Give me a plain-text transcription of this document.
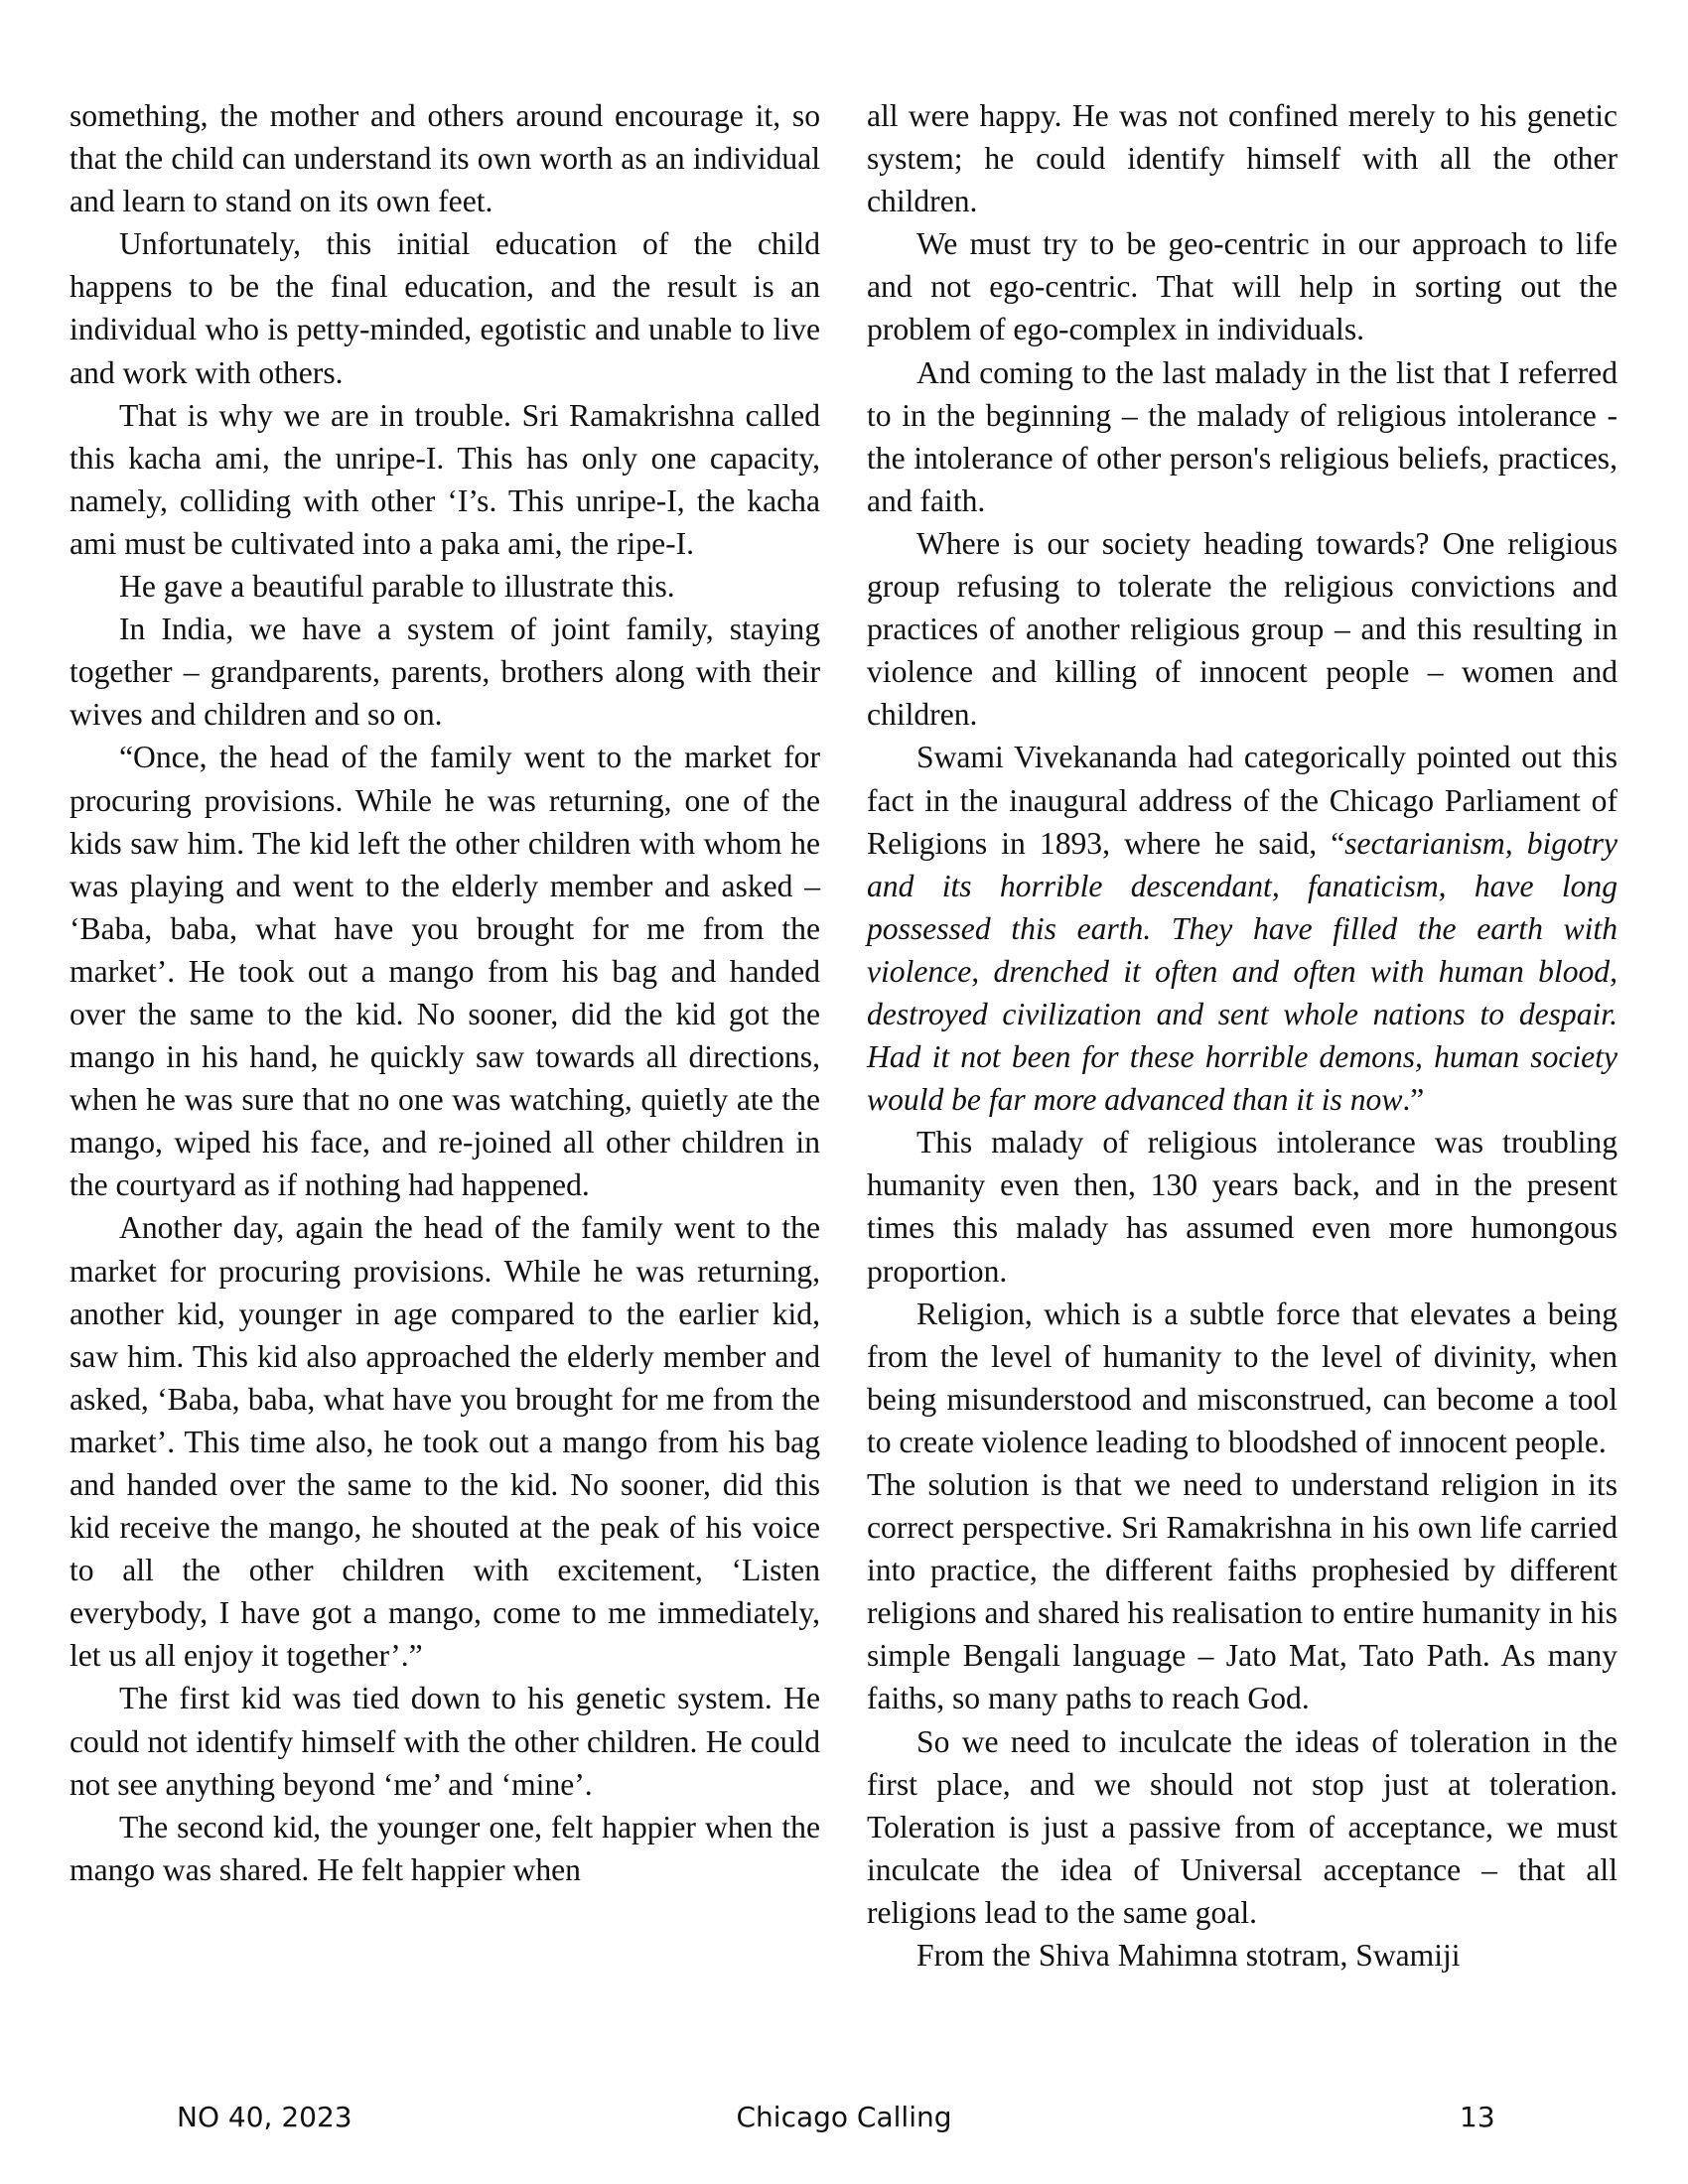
something, the mother and others around encourage it, so that the child can understand its own worth as an individual and learn to stand on its own feet.

Unfortunately, this initial education of the child happens to be the final education, and the result is an individual who is petty-minded, egotistic and unable to live and work with others.

That is why we are in trouble. Sri Ramakrishna called this kacha ami, the unripe-I. This has only one capacity, namely, colliding with other ‘I’s. This unripe-I, the kacha ami must be cultivated into a paka ami, the ripe-I.

He gave a beautiful parable to illustrate this.

In India, we have a system of joint family, staying together – grandparents, parents, brothers along with their wives and children and so on.

“Once, the head of the family went to the market for procuring provisions. While he was returning, one of the kids saw him. The kid left the other children with whom he was playing and went to the elderly member and asked – ‘Baba, baba, what have you brought for me from the market’. He took out a mango from his bag and handed over the same to the kid. No sooner, did the kid got the mango in his hand, he quickly saw towards all directions, when he was sure that no one was watching, quietly ate the mango, wiped his face, and re-joined all other children in the courtyard as if nothing had happened.

Another day, again the head of the family went to the market for procuring provisions. While he was returning, another kid, younger in age compared to the earlier kid, saw him. This kid also approached the elderly member and asked, ‘Baba, baba, what have you brought for me from the market’. This time also, he took out a mango from his bag and handed over the same to the kid. No sooner, did this kid receive the mango, he shouted at the peak of his voice to all the other children with excitement, ‘Listen everybody, I have got a mango, come to me immediately, let us all enjoy it together’.”

The first kid was tied down to his genetic system. He could not identify himself with the other children. He could not see anything beyond ‘me’ and ‘mine’.

The second kid, the younger one, felt happier when the mango was shared. He felt happier when

all were happy. He was not confined merely to his genetic system; he could identify himself with all the other children.

We must try to be geo-centric in our approach to life and not ego-centric. That will help in sorting out the problem of ego-complex in individuals.

And coming to the last malady in the list that I referred to in the beginning – the malady of religious intolerance - the intolerance of other person's religious beliefs, practices, and faith.

Where is our society heading towards? One religious group refusing to tolerate the religious convictions and practices of another religious group – and this resulting in violence and killing of innocent people – women and children.

Swami Vivekananda had categorically pointed out this fact in the inaugural address of the Chicago Parliament of Religions in 1893, where he said, “sectarianism, bigotry and its horrible descendant, fanaticism, have long possessed this earth. They have filled the earth with violence, drenched it often and often with human blood, destroyed civilization and sent whole nations to despair. Had it not been for these horrible demons, human society would be far more advanced than it is now.”

This malady of religious intolerance was troubling humanity even then, 130 years back, and in the present times this malady has assumed even more humongous proportion.

Religion, which is a subtle force that elevates a being from the level of humanity to the level of divinity, when being misunderstood and misconstrued, can become a tool to create violence leading to bloodshed of innocent people.

The solution is that we need to understand religion in its correct perspective. Sri Ramakrishna in his own life carried into practice, the different faiths prophesied by different religions and shared his realisation to entire humanity in his simple Bengali language – Jato Mat, Tato Path. As many faiths, so many paths to reach God.

So we need to inculcate the ideas of toleration in the first place, and we should not stop just at toleration. Toleration is just a passive from of acceptance, we must inculcate the idea of Universal acceptance – that all religions lead to the same goal.

From the Shiva Mahimna stotram, Swamiji

NO 40, 2023	Chicago Calling	13
